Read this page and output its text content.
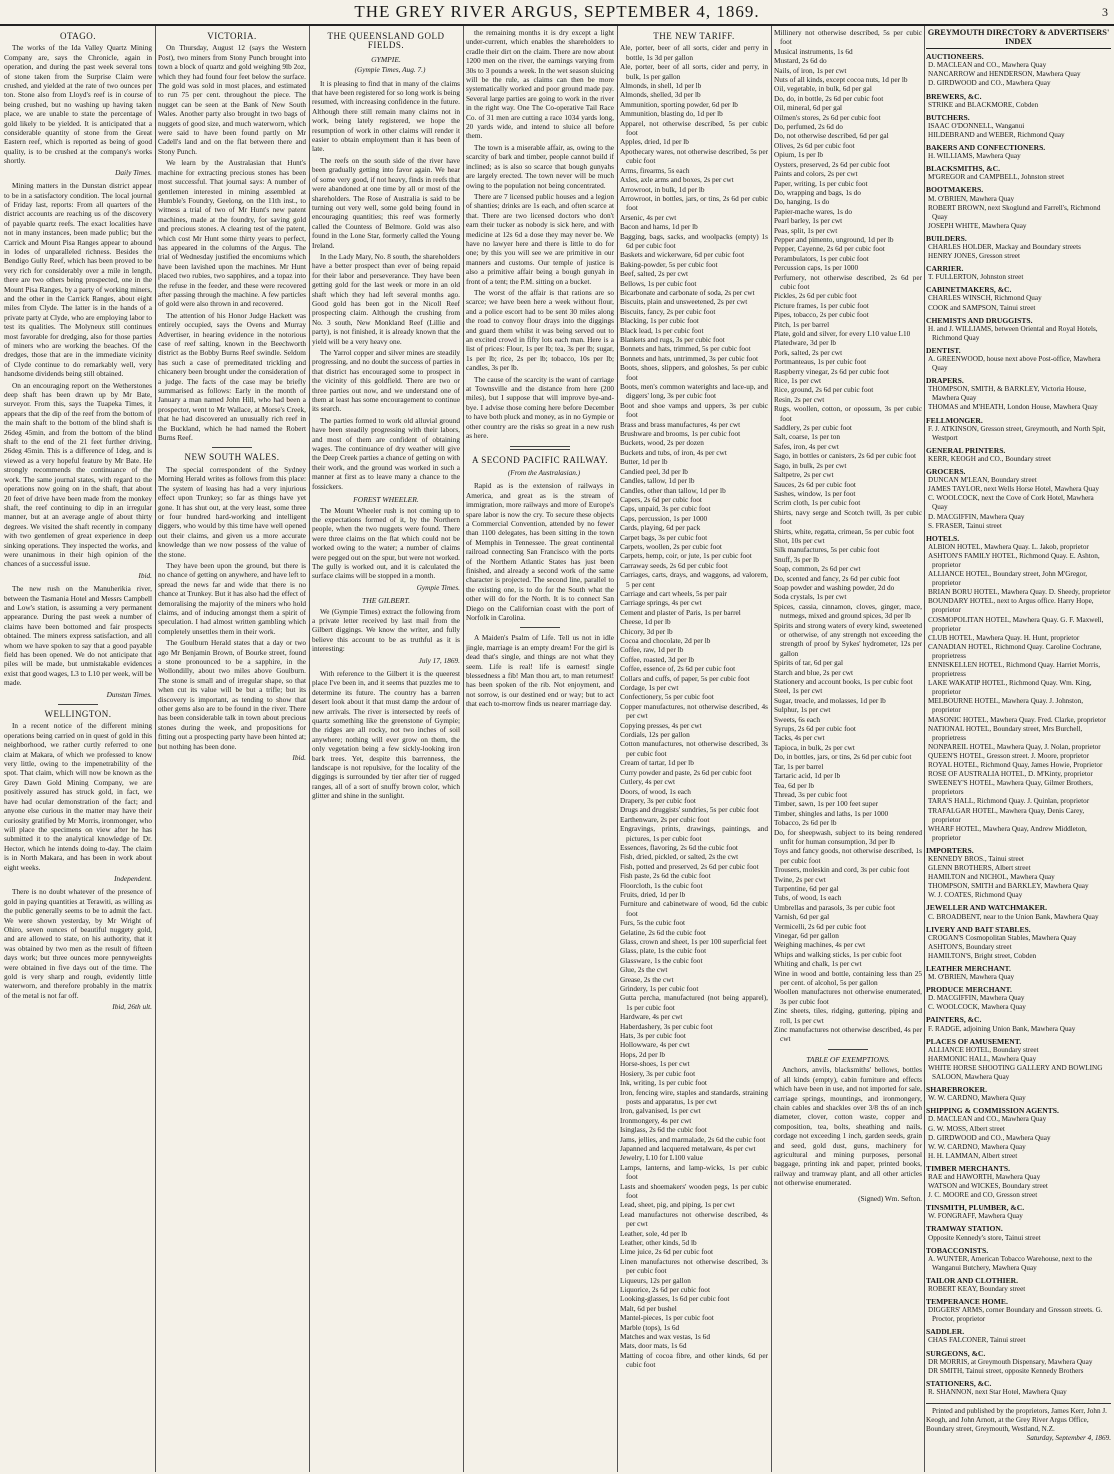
THE GREY RIVER ARGUS, SEPTEMBER 4, 1869.	3
OTAGO.

The works of the Ida Valley Quartz Mining Company are, says the Chronicle, again in operation, and during the past week several tons of stone taken from the Surprise Claim were crushed, and yielded at the rate of two ounces per ton. Stone also from Lloyd's reef is in course of being crushed, but no washing up having taken place, we are unable to state the percentage of gold likely to be yielded. It is anticipated that a considerable quantity of stone from the Great Eastern reef, which is reported as being of good quality, is to be crushed at the company's works shortly.

Daily Times.

Mining matters in the Dunstan district appear to be in a satisfactory condition. The local journal of Friday last, reports: From all quarters of the district accounts are reaching us of the discovery of payable quartz reefs. The exact localities have not in many instances, been made public; but the Carrick and Mount Pisa Ranges appear to abound in lodes of unparalleled richness. Besides the Bendigo Gully Reef, which has been proved to be very rich for considerably over a mile in length, there are two others being prospected, one in the Mount Pisa Ranges, by a party of working miners, and the other in the Carrick Ranges, about eight miles from Clyde. The latter is in the hands of a private party at Clyde, who are employing labor to test its qualities. The Molyneux still continues most favorable for dredging, also for those parties of miners who are working the beaches. Of the dredges, those that are in the immediate vicinity of Clyde continue to do remarkably well, very handsome dividends being still obtained.

On an encouraging report on the Wetherstones deep shaft has been drawn up by Mr Bate, surveyor. From this, says the Tuapeka Times, it appears that the dip of the reef from the bottom of the main shaft to the bottom of the blind shaft is 26deg 45min, and from the bottom of the blind shaft to the end of the 21 feet further driving, 26deg 45min. This is a difference of 1deg, and is viewed as a very hopeful feature by Mr Bate. He strongly recommends the continuance of the work. The same journal states, with regard to the operations now going on in the shaft, that about 20 feet of drive have been made from the monkey shaft, the reef continuing to dip in an irregular manner, but at an average angle of about thirty degrees. We visited the shaft recently in company with two gentlemen of great experience in deep sinking operations. They inspected the works, and were unanimous in their high opinion of the chances of a successful issue.

Ibid.

The new rush on the Manuherikia river, between the Tasmania Hotel and Messrs Campbell and Low's station, is assuming a very permanent appearance. During the past week a number of claims have been bottomed and fair prospects obtained. The miners express satisfaction, and all whom we have spoken to say that a good payable field has been opened. We do not anticipate that piles will be made, but unmistakable evidences exist that good wages, L3 to L10 per week, will be made.

Dunstan Times.

WELLINGTON.

In a recent notice of the different mining operations being carried on in quest of gold in this neighborhood, we rather curtly referred to one claim at Makara, of which we professed to know very little, owing to the impenetrability of the spot. That claim, which will now be known as the Grey Dawn Gold Mining Company, we are positively assured has struck gold, in fact, we have had ocular demonstration of the fact; and anyone else curious in the matter may have their curiosity gratified by Mr Morris, ironmonger, who will place the specimens on view after he has submitted it to the analytical knowledge of Dr. Hector, which he intends doing to-day. The claim is in North Makara, and has been in work about eight weeks.

Independent.

There is no doubt whatever of the presence of gold in paying quantities at Terawiti, as willing as the public generally seems to be to admit the fact. We were shown yesterday, by Mr Wright of Ohiro, seven ounces of beautiful nuggety gold, and are allowed to state, on his authority, that it was obtained by two men as the result of fifteen days work; but three ounces more pennyweights were obtained in five days out of the time. The gold is very sharp and rough, evidently little waterworn, and therefore probably in the matrix of the metal is not far off.

Ibid, 26th ult.

VICTORIA.

On Thursday, August 12 (says the Western Post), two miners from Stony Punch brought into town a block of quartz and gold weighing 9lb 2oz, which they had found four feet below the surface. The gold was sold in most places, and estimated to run 75 per cent. throughout the piece. The nugget can be seen at the Bank of New South Wales. Another party also brought in two bags of nuggets of good size, and much waterworn, which were said to have been found partly on Mr Cadell's land and on the flat between there and Stony Punch.

We learn by the Australasian that Hunt's machine for extracting precious stones has been most successful. That journal says: A number of gentlemen interested in mining assembled at Humble's Foundry, Geelong, on the 11th inst., to witness a trial of two of Mr Hunt's new patent machines, made at the foundry, for saving gold and precious stones. A clearing test of the patent, which cost Mr Hunt some thirty years to perfect, has appeared in the columns of the Argus. The trial of Wednesday justified the encomiums which have been lavished upon the machines. Mr Hunt placed two rubies, two sapphires, and a topaz into the refuse in the feeder, and these were recovered after passing through the machine. A few particles of gold were also thrown in and recovered.

The attention of his Honor Judge Hackett was entirely occupied, says the Ovens and Murray Advertiser, in hearing evidence in the notorious case of reef salting, known in the Beechworth district as the Bobby Burns Reef swindle. Seldom has such a case of premeditated trickling and chicanery been brought under the consideration of a judge. The facts of the case may be briefly summarised as follows: Early in the month of January a man named John Hill, who had been a prospector, went to Mr Wallace, at Morse's Creek, that he had discovered an unusually rich reef in the Buckland, which he had named the Robert Burns Reef.

NEW SOUTH WALES.

The special correspondent of the Sydney Morning Herald writes as follows from this place: The system of leasing has had a very injurious effect upon Trunkey; so far as things have yet gone. It has shut out, at the very least, some three or four hundred hard-working and intelligent diggers, who would by this time have well opened out their claims, and given us a more accurate knowledge than we now possess of the value of the stone.

They have been upon the ground, but there is no chance of getting on anywhere, and have left to spread the news far and wide that there is no chance at Trunkey. But it has also had the effect of demoralising the majority of the miners who hold claims, and of inducing amongst them a spirit of speculation. I had almost written gambling which completely unsettles them in their work.

The Goulburn Herald states that a day or two ago Mr Benjamin Brown, of Bourke street, found a stone pronounced to be a sapphire, in the Wollondilly, about two miles above Goulburn. The stone is small and of irregular shape, so that when cut its value will be but a trifle; but its discovery is important, as tending to show that other gems also are to be found in the river. There has been considerable talk in town about precious stones during the week, and propositions for fitting out a prospecting party have been hinted at; but nothing has been done.

Ibid.

THE QUEENSLAND GOLD FIELDS.
GYMPIE.

(Gympie Times, Aug. 7.)

It is pleasing to find that in many of the claims that have been registered for so long work is being resumed, with increasing confidence in the future. Although there still remain many claims not in work, being lately registered, we hope the resumption of work in other claims will render it easier to obtain employment than it has been of late.

The reefs on the south side of the river have been gradually getting into favor again. We hear of some very good, if not heavy, finds in reefs that were abandoned at one time by all or most of the shareholders. The Rose of Australia is said to be turning out very well, some gold being found in encouraging quantities; this reef was formerly called the Countess of Belmore. Gold was also found in the Lone Star, formerly called the Young Ireland.

In the Lady Mary, No. 8 south, the shareholders have a better prospect than ever of being repaid for their labor and perseverance. They have been getting gold for the last week or more in an old shaft which they had left several months ago. Good gold has been got in the Nicoll Reef prospecting claim. Although the crushing from No. 3 south, New Monkland Reef (Lillie and party), is not finished, it is already known that the yield will be a very heavy one.

The Yarrol copper and silver mines are steadily progressing, and no doubt the success of parties in that district has encouraged some to prospect in the vicinity of this goldfield. There are two or three parties out now, and we understand one of them at least has some encouragement to continue its search.

The parties formed to work old alluvial ground have been steadily progressing with their labors, and most of them are confident of obtaining wages. The continuance of dry weather will give the Deep Creek parties a chance of getting on with their work, and the ground was worked in such a manner at first as to leave many a chance to the fossickers.

FOREST WHEELER.

The Mount Wheeler rush is not coming up to the expectations formed of it, by the Northern people, when the two nuggets were found. There were three claims on the flat which could not be worked owing to the water; a number of claims were pegged out on the spur, but were not worked. The gully is worked out, and it is calculated the surface claims will be stopped in a month.

Gympie Times.

THE GILBERT.

We (Gympie Times) extract the following from a private letter received by last mail from the Gilbert diggings. We know the writer, and fully believe this account to be as truthful as it is interesting:

July 17, 1869.

With reference to the Gilbert it is the queerest place I've been in, and it seems that puzzles me to determine its future. The country has a barren desert look about it that must damp the ardour of new arrivals. The river is intersected by reefs of quartz something like the greenstone of Gympie; the ridges are all rocky, not two inches of soil anywhere; nothing will ever grow on them, the only vegetation being a few sickly-looking iron bark trees. Yet, despite this barrenness, the landscape is not repulsive, for the locality of the diggings is surrounded by tier after tier of rugged ranges, all of a sort of snuffy brown color, which glitter and shine in the sunlight.

the remaining months it is dry except a light under-current, which enables the shareholders to cradle their dirt on the claim. There are now about 1200 men on the river, the earnings varying from 30s to 3 pounds a week. In the wet season sluicing will be the rule, as claims can then be more systematically worked and poor ground made pay. Several large parties are going to work in the river in the right way. One The Co-operative Tail Race Co. of 31 men are cutting a race 1034 yards long, 20 yards wide, and intend to sluice all before them.

The town is a miserable affair, as, owing to the scarcity of bark and timber, people cannot build if inclined; as is also so scarce that bough gunyahs are largely erected. The town never will be much owing to the population not being concentrated.

There are 7 licensed public houses and a legion of shanties; drinks are 1s each, and often scarce at that. There are two licensed doctors who don't earn their tucker as nobody is sick here, and with medicine at 12s 6d a dose they may never be. We have no lawyer here and there is little to do for one; by this you will see we are primitive in our manners and customs. Our temple of justice is also a primitive affair being a bough gunyah in front of a tent; the P.M. sitting on a bucket.

The worst of the affair is that rations are so scarce; we have been here a week without flour, and a police escort had to be sent 30 miles along the road to convoy flour drays into the diggings and guard them whilst it was being served out to an excited crowd in fifty lots each man. Here is a list of prices: Flour, 1s per lb; tea, 3s per lb; sugar, 1s per lb; rice, 2s per lb; tobacco, 10s per lb; candles, 3s per lb.

The cause of the scarcity is the want of carriage at Townsville and the distance from here (200 miles), but I suppose that will improve bye-and-bye. I advise those coming here before December to have both pluck and money, as in no Gympie or other country are the risks so great in a new rush as here.

A SECOND PACIFIC RAILWAY.

(From the Australasian.)

Rapid as is the extension of railways in America, and great as is the stream of immigration, more railways and more of Europe's spare labor is now the cry. To secure these objects a Commercial Convention, attended by no fewer than 1100 delegates, has been sitting in the town of Memphis in Tennessee. The great continental railroad connecting San Francisco with the ports of the Northern Atlantic States has just been finished, and already a second work of the same character is projected. The second line, parallel to the existing one, is to do for the South what the other will do for the North. It is to connect San Diego on the Californian coast with the port of Norfolk in Carolina.

A Maiden's Psalm of Life. Tell us not in idle jingle, marriage is an empty dream! For the girl is dead that's single, and things are not what they seem. Life is real! life is earnest! single blessedness a fib! Man thou art, to man returnest! has been spoken of the rib. Not enjoyment, and not sorrow, is our destined end or way; but to act that each to-morrow finds us nearer marriage day.

THE NEW TARIFF.

Ale, porter, beer of all sorts, cider and perry in bottle, 1s 3d per gallon

Ale, porter, beer of all sorts, cider and perry, in bulk, 1s per gallon

Almonds, in shell, 1d per lb

Almonds, shelled, 3d per lb

Ammunition, sporting powder, 6d per lb

Ammunition, blasting do, 1d per lb

Apparel, not otherwise described, 5s per cubic foot

Apples, dried, 1d per lb

Apothecary wares, not otherwise described, 5s per cubic foot

Arms, firearms, 5s each

Axles, axle arms and boxes, 2s per cwt

Arrowroot, in bulk, 1d per lb

Arrowroot, in bottles, jars, or tins, 2s 6d per cubic foot

Arsenic, 4s per cwt

Bacon and hams, 1d per lb

Bagging, bags, sacks, and woolpacks (empty) 1s 6d per cubic foot

Baskets and wickerware, 6d per cubic foot

Baking-powder, 5s per cubic foot

Beef, salted, 2s per cwt

Bellows, 1s per cubic foot

Bicarbonate and carbonate of soda, 2s per cwt

Biscuits, plain and unsweetened, 2s per cwt

Biscuits, fancy, 2s per cubic foot

Blacking, 1s per cubic foot

Black lead, 1s per cubic foot

Blankets and rugs, 3s per cubic foot

Bonnets and hats, trimmed, 5s per cubic foot

Bonnets and hats, untrimmed, 3s per cubic foot

Boots, shoes, slippers, and goloshes, 5s per cubic foot

Boots, men's common waterights and lace-up, and diggers' long, 3s per cubic foot

Boot and shoe vamps and uppers, 3s per cubic foot

Brass and brass manufactures, 4s per cwt

Brushware and brooms, 1s per cubic foot

Buckets, wood, 2s per dozen

Buckets and tubs, of iron, 4s per cwt

Butter, 1d per lb

Candied peel, 3d per lb

Candles, tallow, 1d per lb

Candles, other than tallow, 1d per lb

Capers, 2s 6d per cubic foot

Caps, unpaid, 3s per cubic foot

Caps, percussion, 1s per 1000

Cards, playing, 6d per pack

Carpet bags, 3s per cubic foot

Carpets, woollen, 2s per cubic foot

Carpets, hemp, coir, or jute, 1s per cubic foot

Carraway seeds, 2s 6d per cubic foot

Carriages, carts, drays, and waggons, ad valorem, 5 per cent

Carriage and cart wheels, 5s per pair

Carriage springs, 4s per cwt

Cement and plaster of Paris, 1s per barrel

Cheese, 1d per lb

Chicory, 3d per lb

Cocoa and chocolate, 2d per lb

Coffee, raw, 1d per lb

Coffee, roasted, 3d per lb

Coffee, essence of, 2s 6d per cubic foot

Collars and cuffs, of paper, 5s per cubic foot

Cordage, 1s per cwt

Confectionery, 5s per cubic foot

Copper manufactures, not otherwise described, 4s per cwt

Copying presses, 4s per cwt

Cordials, 12s per gallon

Cotton manufactures, not otherwise described, 3s per cubic foot

Cream of tartar, 1d per lb

Curry powder and paste, 2s 6d per cubic foot

Cutlery, 4s per cwt

Doors, of wood, 1s each

Drapery, 3s per cubic foot

Drugs and druggists' sundries, 5s per cubic foot

Earthenware, 2s per cubic foot

Engravings, prints, drawings, paintings, and pictures, 1s per cubic foot

Essences, flavoring, 2s 6d the cubic foot

Fish, dried, pickled, or salted, 2s the cwt

Fish, potted and preserved, 2s 6d per cubic foot

Fish paste, 2s 6d the cubic foot

Floorcloth, 1s the cubic foot

Fruits, dried, 1d per lb

Furniture and cabinetware of wood, 6d the cubic foot

Furs, 5s the cubic foot

Gelatine, 2s 6d the cubic foot

Glass, crown and sheet, 1s per 100 superficial feet

Glass, plate, 1s the cubic foot

Glassware, 1s the cubic foot

Glue, 2s the cwt

Grease, 2s the cwt

Grindery, 1s per cubic foot

Gutta percha, manufactured (not being apparel), 1s per cubic foot

Hardware, 4s per cwt

Haberdashery, 3s per cubic foot

Hats, 3s per cubic foot

Hollowware, 4s per cwt

Hops, 2d per lb

Horse-shoes, 1s per cwt

Hosiery, 3s per cubic foot

Ink, writing, 1s per cubic foot

Iron, fencing wire, staples and standards, straining posts and apparatus, 1s per cwt

Iron, galvanised, 1s per cwt

Ironmongery, 4s per cwt

Isinglass, 2s 6d the cubic foot

Jams, jellies, and marmalade, 2s 6d the cubic foot

Japanned and lacquered metalware, 4s per cwt

Jewelry, L10 for L100 value

Lamps, lanterns, and lamp-wicks, 1s per cubic foot

Lasts and shoemakers' wooden pegs, 1s per cubic foot

Lead, sheet, pig, and piping, 1s per cwt

Lead manufactures not otherwise described, 4s per cwt

Leather, sole, 4d per lb

Leather, other kinds, 5d lb

Lime juice, 2s 6d per cubic foot

Linen manufactures not otherwise described, 3s per cubic foot

Liqueurs, 12s per gallon

Liquorice, 2s 6d per cubic foot

Looking-glasses, 1s 6d per cubic foot

Malt, 6d per bushel

Mantel-pieces, 1s per cubic foot

Marble (tops), 1s 6d

Matches and wax vestas, 1s 6d

Mats, door mats, 1s 6d

Matting of cocoa fibre, and other kinds, 6d per cubic foot

Millinery not otherwise described, 5s per cubic foot

Musical instruments, 1s 6d

Mustard, 2s 6d do

Nails, of iron, 1s per cwt

Nuts of all kinds, except cocoa nuts, 1d per lb

Oil, vegetable, in bulk, 6d per gal

Do, do, in bottle, 2s 6d per cubic foot

Oil, mineral, 6d per gal

Oilmen's stores, 2s 6d per cubic foot

Do, perfumed, 2s 6d do

Do, not otherwise described, 6d per gal

Olives, 2s 6d per cubic foot

Opium, 1s per lb

Oysters, preserved, 2s 6d per cubic foot

Paints and colors, 2s per cwt

Paper, writing, 1s per cubic foot

Do, wrapping and bags, 1s do

Do, hanging, 1s do

Papier-mache wares, 1s do

Pearl barley, 1s per cwt

Peas, split, 1s per cwt

Pepper and pimento, unground, 1d per lb

Pepper, Cayenne, 2s 6d per cubic foot

Perambulators, 1s per cubic foot

Percussion caps, 1s per 1000

Perfumery, not otherwise described, 2s 6d per cubic foot

Pickles, 2s 6d per cubic foot

Picture frames, 1s per cubic foot

Pipes, tobacco, 2s per cubic foot

Pitch, 1s per barrel

Plate, gold and silver, for every L10 value L10

Platedware, 3d per lb

Pork, salted, 2s per cwt

Portmanteaus, 1s per cubic foot

Raspberry vinegar, 2s 6d per cubic foot

Rice, 1s per cwt

Rice, ground, 2s 6d per cubic foot

Resin, 2s per cwt

Rugs, woollen, cotton, or opossum, 3s per cubic foot

Saddlery, 2s per cubic foot

Salt, coarse, 1s per ton

Safes, iron, 4s per cwt

Sago, in bottles or canisters, 2s 6d per cubic foot

Sago, in bulk, 2s per cwt

Saltpetre, 2s per cwt

Sauces, 2s 6d per cubic foot

Sashes, window, 1s per foot

Scrim cloth, 1s per cubic foot

Shirts, navy serge and Scotch twill, 3s per cubic foot

Shirts, white, regatta, crimean, 5s per cubic foot

Shot, 10s per cwt

Silk manufactures, 5s per cubic foot

Snuff, 3s per lb

Soap, common, 2s 6d per cwt

Do, scented and fancy, 2s 6d per cubic foot

Soap powder and washing powder, 2d do

Soda crystals, 1s per cwt

Spices, cassia, cinnamon, cloves, ginger, mace, nutmegs, mixed and ground spices, 3d per lb

Spirits and strong waters of every kind, sweetened or otherwise, of any strength not exceeding the strength of proof by Sykes' hydrometer, 12s per gallon

Spirits of tar, 6d per gal

Starch and blue, 2s per cwt

Stationery and account books, 1s per cubic foot

Steel, 1s per cwt

Sugar, treacle, and molasses, 1d per lb

Sulphur, 1s per cwt

Sweets, 6s each

Syrups, 2s 6d per cubic foot

Tacks, 4s per cwt

Tapioca, in bulk, 2s per cwt

Do, in bottles, jars, or tins, 2s 6d per cubic foot

Tar, 1s per barrel

Tartaric acid, 1d per lb

Tea, 6d per lb

Thread, 3s per cubic foot

Timber, sawn, 1s per 100 feet super

Timber, shingles and laths, 1s per 1000

Tobacco, 2s 6d per lb

Do, for sheepwash, subject to its being rendered unfit for human consumption, 3d per lb

Toys and fancy goods, not otherwise described, 1s per cubic foot

Trousers, moleskin and cord, 3s per cubic foot

Twine, 2s per cwt

Turpentine, 6d per gal

Tubs, of wood, 1s each

Umbrellas and parasols, 3s per cubic foot

Varnish, 6d per gal

Vermicelli, 2s 6d per cubic foot

Vinegar, 6d per gallon

Weighing machines, 4s per cwt

Whips and walking sticks, 1s per cubic foot

Whiting and chalk, 1s per cwt

Wine in wood and bottle, containing less than 25 per cent. of alcohol, 5s per gallon

Woollen manufactures not otherwise enumerated, 3s per cubic foot

Zinc sheets, tiles, ridging, guttering, piping and roll, 1s per cwt

Zinc manufactures not otherwise described, 4s per cwt

TABLE OF EXEMPTIONS.

Anchors, anvils, blacksmiths' bellows, bottles of all kinds (empty), cabin furniture and effects which have been in use, and not imported for sale, carriage springs, mountings, and ironmongery, chain cables and shackles over 3/8 ths of an inch diameter, clover, cotton waste, copper and composition, tea, bolts, sheathing and nails, cordage not exceeding 1 inch, garden seeds, grain and seed, gold dust, guns, machinery for agricultural and mining purposes, personal baggage, printing ink and paper, printed books, railway and tramway plant, and all other articles not otherwise enumerated.

(Signed) Wm. Sefton.

GREYMOUTH DIRECTORY & ADVERTISERS' INDEX
AUCTIONEERS.
D. MACLEAN and CO., Mawhera Quay
NANCARROW and HENDERSON, Mawhera Quay
D. GIRDWOOD and CO., Mawhera Quay
BREWERS, &C.
STRIKE and BLACKMORE, Cobden
BUTCHERS.
ISAAC O'DONNELL, Wanganui
HILDEBRAND and WEBER, Richmond Quay
BAKERS AND CONFECTIONERS.
H. WILLIAMS, Mawhera Quay
BLACKSMITHS, &C.
M'GREGOR and CAMPBELL, Johnston street
BOOTMAKERS.
M. O'BRIEN, Mawhera Quay
ROBERT BROWN, next Skoglund and Farrell's, Richmond Quay
JOSEPH WHITE, Mawhera Quay
BUILDERS.
CHARLES HOLDER, Mackay and Boundary streets
HENRY JONES, Gresson street
CARRIER.
T. FULLERTON, Johnston street
CABINETMAKERS, &C.
CHARLES WINSCH, Richmond Quay
COOK and SAMPSON, Tainui street
CHEMISTS AND DRUGGISTS.
H. and J. WILLIAMS, between Oriental and Royal Hotels, Richmond Quay
DENTIST.
A. GREENWOOD, house next above Post-office, Mawhera Quay
DRAPERS.
THOMPSON, SMITH, & BARKLEY, Victoria House, Mawhera Quay
THOMAS and M'HEATH, London House, Mawhera Quay
FELLMONGER.
F. J. ATKINSON, Gresson street, Greymouth, and North Spit, Westport
GENERAL PRINTERS.
KERR, KEOGH and CO., Boundary street
GROCERS.
DUNCAN M'LEAN, Boundary street
JAMES TAYLOR, next Wells Horse Hotel, Mawhera Quay
C. WOOLCOCK, next the Cove of Cork Hotel, Mawhera Quay
D. MACGIFFIN, Mawhera Quay
S. FRASER, Tainui street
HOTELS.
ALBION HOTEL, Mawhera Quay. L. Jakob, proprietor
ASHTON'S FAMILY HOTEL, Richmond Quay. E. Ashton, proprietor
ALLIANCE HOTEL, Boundary street, John M'Gregor, proprietor
BRIAN BORU HOTEL, Mawhera Quay. D. Sheedy, proprietor
BOUNDARY HOTEL, next to Argus office. Harry Hope, proprietor
COSMOPOLITAN HOTEL, Mawhera Quay. G. F. Maxwell, proprietor
CLUB HOTEL, Mawhera Quay. H. Hunt, proprietor
CANADIAN HOTEL, Richmond Quay. Caroline Cochrane, proprietress
ENNISKELLEN HOTEL, Richmond Quay. Harriet Morris, proprietress
LAKE WAKATIP HOTEL, Richmond Quay. Wm. King, proprietor
MELBOURNE HOTEL, Mawhera Quay. J. Johnston, proprietor
MASONIC HOTEL, Mawhera Quay. Fred. Clarke, proprietor
NATIONAL HOTEL, Boundary street, Mrs Burchell, proprietress
NONPAREIL HOTEL, Mawhera Quay, J. Nolan, proprietor
QUEEN'S HOTEL, Gresson street. J. Moore, proprietor
ROYAL HOTEL, Richmond Quay, James Howie, Proprietor
ROSE OF AUSTRALIA HOTEL, D. M'Kinty, proprietor
SWEENEY'S HOTEL, Mawhera Quay, Gilmer Brothers, proprietors
TARA'S HALL, Richmond Quay. J. Quinlan, proprietor
TRAFALGAR HOTEL, Mawhera Quay, Denis Carey, proprietor
WHARF HOTEL, Mawhera Quay, Andrew Middleton, proprietor
IMPORTERS.
KENNEDY BROS., Tainui street
GLENN BROTHERS, Albert street
HAMILTON and NICHOL, Mawhera Quay
THOMPSON, SMITH and BARKLEY, Mawhera Quay
W. J. COATES, Richmond Quay
JEWELLER AND WATCHMAKER.
C. BROADBENT, near to the Union Bank, Mawhera Quay
LIVERY AND BAIT STABLES.
CROGAN'S Cosmopolitan Stables, Mawhera Quay
ASHTON'S, Boundary street
HAMILTON'S, Bright street, Cobden
LEATHER MERCHANT.
M. O'BRIEN, Mawhera Quay
PRODUCE MERCHANT.
D. MACGIFFIN, Mawhera Quay
C. WOOLCOCK, Mawhera Quay
PAINTERS, &C.
F. RADGE, adjoining Union Bank, Mawhera Quay
PLACES OF AMUSEMENT.
ALLIANCE HOTEL, Boundary street
HARMONIC HALL, Mawhera Quay
WHITE HORSE SHOOTING GALLERY AND BOWLING SALOON, Mawhera Quay
SHAREBROKER.
W. W. CARDNO, Mawhera Quay
SHIPPING & COMMISSION AGENTS.
D. MACLEAN and CO., Mawhera Quay
G. W. MOSS, Albert street
D. GIRDWOOD and CO., Mawhera Quay
W. W. CARDNO, Mawhera Quay
H. H. LAMMAN, Albert street
TIMBER MERCHANTS.
RAE and HAWORTH, Mawhera Quay
WATSON and WICKES, Boundary street
J. C. MOORE and CO, Gresson street
TINSMITH, PLUMBER, &C.
W. FONGRAFF, Mawhera Quay
TRAMWAY STATION.
Opposite Kennedy's store, Tainui street
TOBACCONISTS.
A. WUNTER, American Tobacco Warehouse, next to the Wanganui Butchery, Mawhera Quay
TAILOR AND CLOTHIER.
ROBERT KEAY, Boundary street
TEMPERANCE HOME.
DIGGERS' ARMS, corner Boundary and Gresson streets. G. Proctor, proprietor
SADDLER.
CHAS FALCONER, Tainui street
SURGEONS, &C.
DR MORRIS, at Greymouth Dispensary, Mawhera Quay
DR SMITH, Tainui street, opposite Kennedy Brothers
STATIONERS, &C.
R. SHANNON, next Star Hotel, Mawhera Quay
Printed and published by the proprietors, James Kerr, John J. Keogh, and John Arnott, at the Grey River Argus Office, Boundary street, Greymouth, Westland, N.Z.
Saturday, September 4, 1869.
